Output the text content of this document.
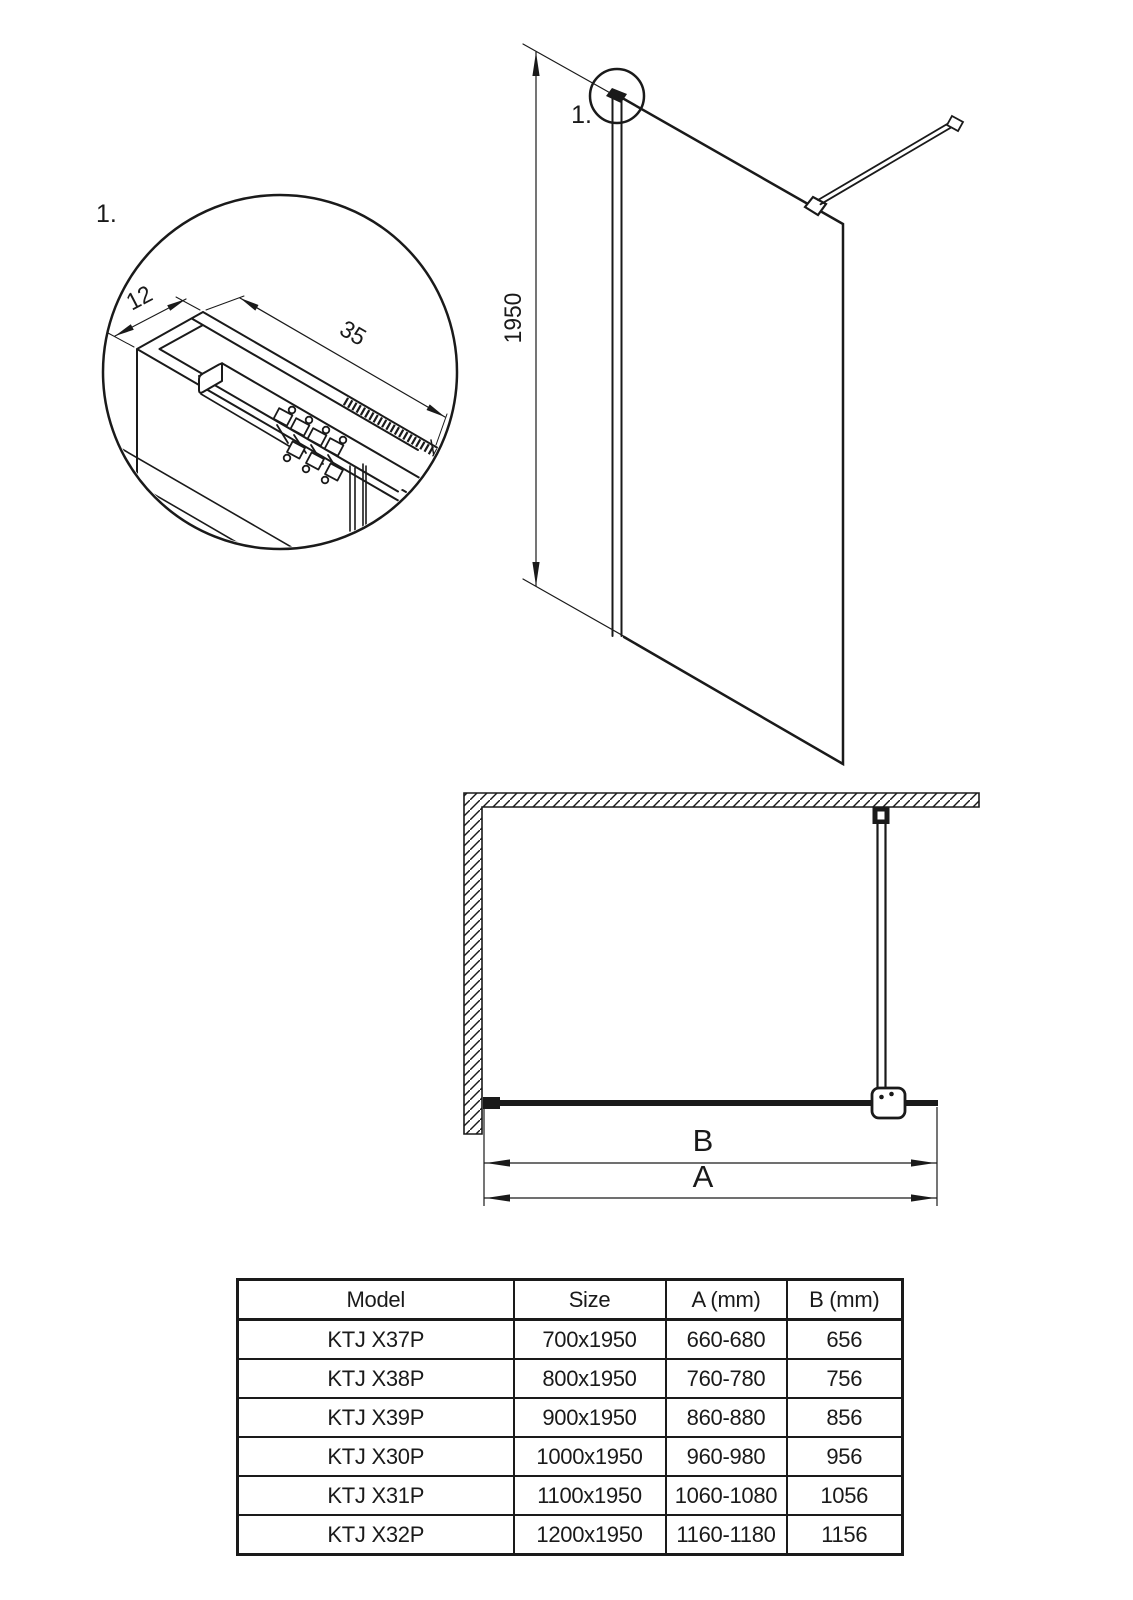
1.
12
35	1950
1.
B
A
Model	Size	A (mm)	B (mm)
KTJ X37P	700x1950	660-680	656
KTJ X38P	800x1950	760-780	756
KTJ X39P	900x1950	860-880	856
KTJ X30P	1000x1950	960-980	956
KTJ X31P	1100x1950	1060-1080	1056
KTJ X32P	1200x1950	1160-1180	1156
